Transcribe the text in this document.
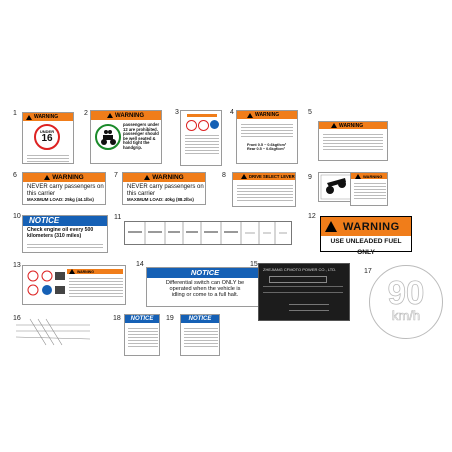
1	WARNING
UNDER
16
2	WARNING
passengers under
12 are prohibited.
passenger should
be well seated &
hold tight the
handgrip.
3	4	WARNING
Front 0.5 ~ 0.6kgf/cm²
Rear 0.5 ~ 0.6kgf/cm²
5
WARNING
6	WARNING
NEVER carry passengers on
this carrier
MAXIMUM LOAD: 25kg (44.1lbs)
7	WARNING
NEVER carry passengers on
this carrier
MAXIMUM LOAD: 40kg (88.2lbs)
8	DRIVE SELECT LEVER 9	WARNING
10	NOTICE
Check engine oil every 500
kilometers (310 miles)
11	12
WARNING
USE UNLEADED FUEL ONLY
13
WARNING
14
NOTICE
Differential switch can ONLY be
operated when the vehicle is
idling or come to a full halt.
15
ZHEJIANG CFMOTO POWER CO., LTD.	17
90
km/h
16	18	NOTICE	19	NOTICE
